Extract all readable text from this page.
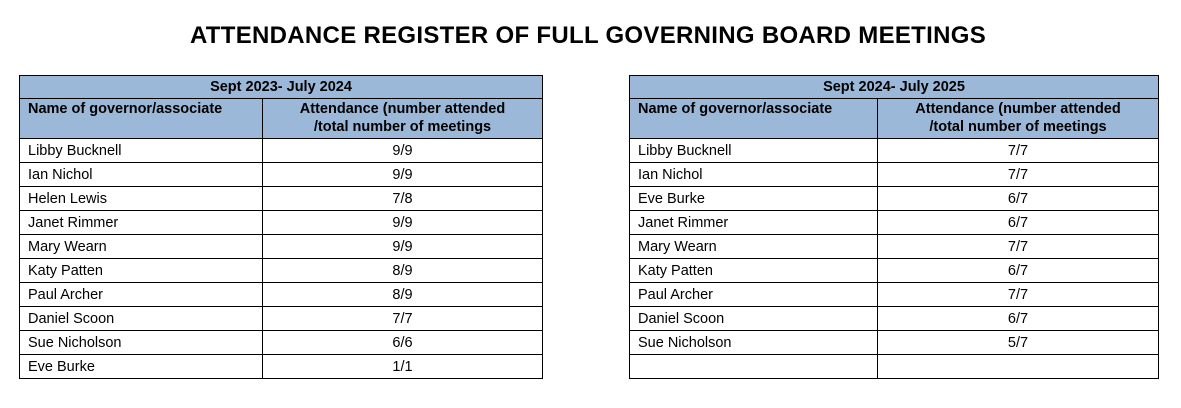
ATTENDANCE REGISTER OF FULL GOVERNING BOARD MEETINGS
Sept 2023- July 2024	
Name of governor/associate	Attendance (number attended
/total number of meetings

Libby Bucknell	9/9
Ian Nichol	9/9
Helen Lewis	7/8
Janet Rimmer	9/9
Mary Wearn	9/9
Katy Patten	8/9
Paul Archer	8/9
Daniel Scoon	7/7
Sue Nicholson	6/6
Eve Burke	1/1
Sept 2024- July 2025	
Name of governor/associate	Attendance (number attended
/total number of meetings

Libby Bucknell	7/7
Ian Nichol	7/7
Eve Burke	6/7
Janet Rimmer	6/7
Mary Wearn	7/7
Katy Patten	6/7
Paul Archer	7/7
Daniel Scoon	6/7
Sue Nicholson	5/7
